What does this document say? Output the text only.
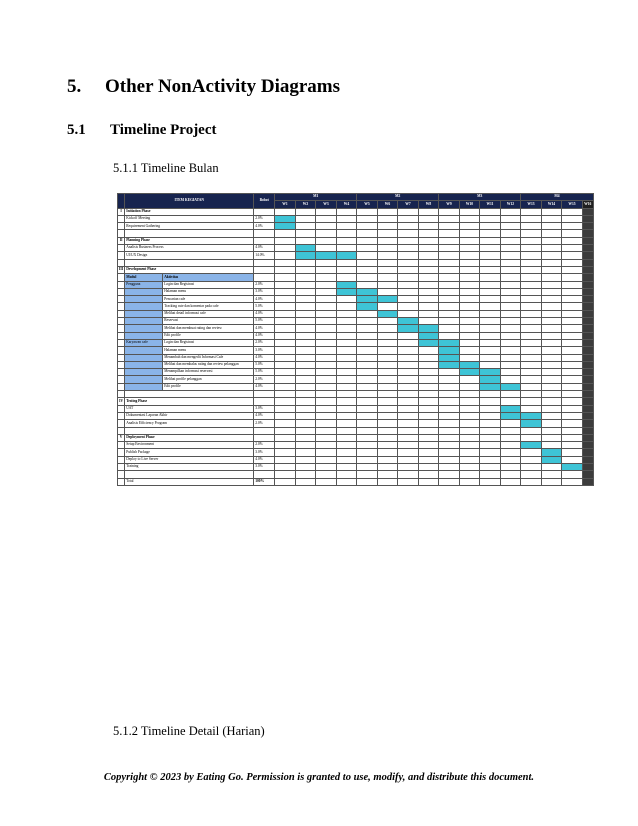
5. Other NonActivity Diagrams
5.1 Timeline Project
5.1.1 Timeline Bulan
	ITEM KEGIATAN		Bobot	M1				M2				M3				M4			
				W1	W2	W3	W4	W5	W6	W7	W8	W9	W10	W11	W12	W13	W14	W15	W16
I	Initiation Phase																		
	Kickoff Meeting		2.0%																
	Requirement Gathering		4.0%																

II	Planning Phase																		
	Analisis Business Process		4.0%																
	UI/UX Design		14.0%																

III	Development Phase																		
	Modul	Aktivitas																	
	Pengguna	Login dan Registrasi	2.0%																
		Halaman menu	3.0%																
		Pencarian cafe	4.0%																
		Tracking rute dan komentar pada cafe	5.0%																
		Melihat detail informasi cafe	4.0%																
		Reservasi	5.0%																
		Melihat dan membuat rating dan review	4.0%																
		Edit profile	4.0%																
	Karyawan cafe	Login dan Registrasi	2.0%																
		Halaman menu	3.0%																
		Menambah dan mengedit Informasi Cafe	4.0%																
		Melihat dan membalas rating dan review pelanggan	5.0%																
		Menampilkan informasi reservasi	5.0%																
		Melihat profile pelanggan	2.0%																
		Edit profile	4.0%																

IV	Testing Phase																		
	UAT		3.0%																
	Dokumentasi Laporan Akhir		4.0%																
	Analisis Efficiency Program		2.0%																

V	Deployment Phase																		
	Setup Environment		2.0%																
	Publish Package		3.0%																
	Deploy to Live Server		4.0%																
	Training		3.0%																

	Total		100%																
5.1.2 Timeline Detail (Harian)
Copyright © 2023 by Eating Go. Permission is granted to use, modify, and distribute this document.
